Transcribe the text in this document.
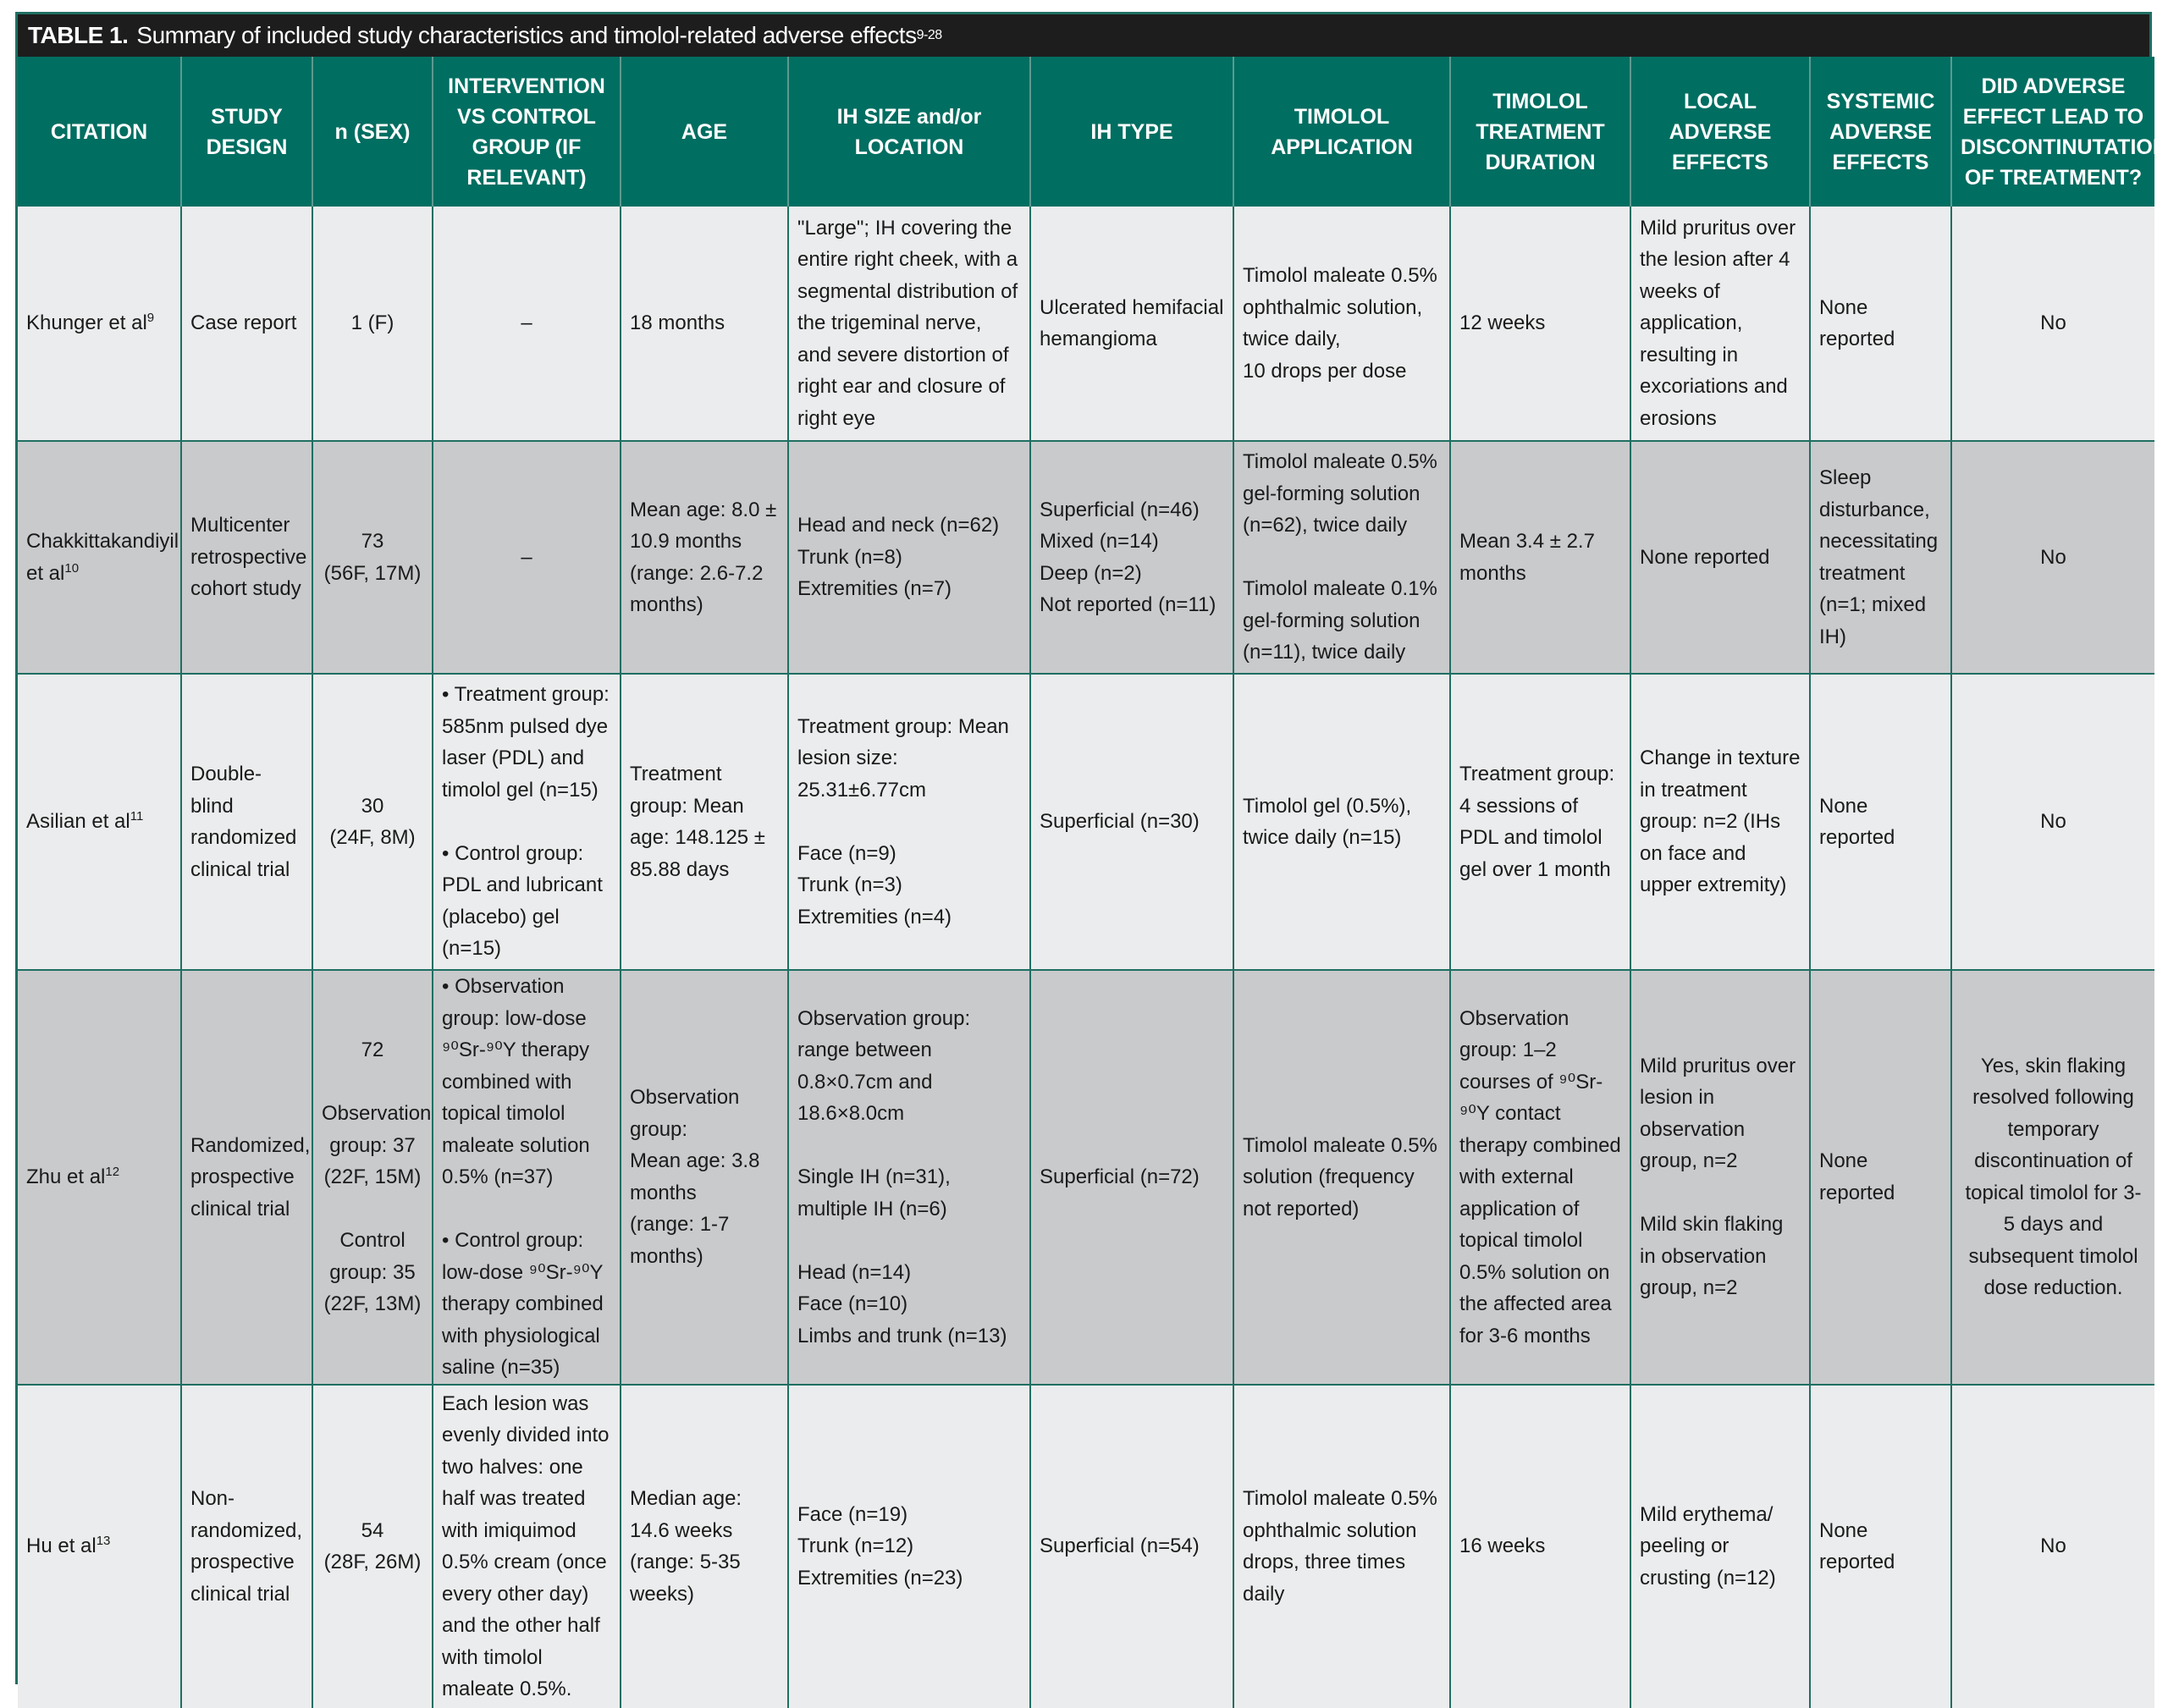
TABLE 1. Summary of included study characteristics and timolol-related adverse effects 9-28
CITATION	STUDY DESIGN	n (SEX)	INTERVENTION VS CONTROL GROUP (IF RELEVANT)	AGE	IH SIZE and/or LOCATION	IH TYPE	TIMOLOL APPLICATION	TIMOLOL TREATMENT DURATION	LOCAL ADVERSE EFFECTS	SYSTEMIC ADVERSE EFFECTS	DID ADVERSE EFFECT LEAD TO DISCONTINUTATION OF TREATMENT?
Khunger et $al^9$	Case report	1 (F)	–	18 months	"Large"; IH covering the entire right cheek, with a segmental distribution of the trigeminal nerve, and severe distortion of right ear and closure of right eye	Ulcerated hemifacial hemangioma	Timolol maleate 0.5% ophthalmic solution, twice daily,
10 drops per dose	12 weeks	Mild pruritus over the lesion after 4 weeks of application, resulting in excoriations and erosions	None reported	No
Chakkittakandiyil et $al^{10}$	Multicenter retrospective cohort study	73
(56F, 17M)	–	Mean age: 8.0 ± 10.9 months (range: 2.6-7.2 months)	Head and neck (n=62)
Trunk (n=8)
Extremities (n=7)	Superficial (n=46)
Mixed (n=14)
Deep (n=2)
Not reported (n=11)	Timolol maleate 0.5% gel-forming solution (n=62), twice daily

Timolol maleate 0.1% gel-forming solution (n=11), twice daily	Mean 3.4 ± 2.7 months	None reported	Sleep disturbance, necessitating treatment (n=1; mixed IH)	No
Asilian et $al^{11}$	Double-blind randomized clinical trial	30
(24F, 8M)	• Treatment group: 585nm pulsed dye laser (PDL) and timolol gel (n=15)

• Control group: PDL and lubricant (placebo) gel (n=15)	Treatment group: Mean age: 148.125 ± 85.88 days	Treatment group: Mean lesion size: 25.31±6.77cm

Face (n=9)
Trunk (n=3)
Extremities (n=4)	Superficial (n=30)	Timolol gel (0.5%), twice daily (n=15)	Treatment group: 4 sessions of PDL and timolol gel over 1 month	Change in texture in treatment group: n=2 (IHs on face and upper extremity)	None reported	No
Zhu et $al^{12}$	Randomized, prospective clinical trial	72

Observation group: 37
(22F, 15M)

Control group: 35
(22F, 13M)	• Observation group: low-dose ⁹⁰Sr-⁹⁰Y therapy combined with topical timolol maleate solution 0.5% (n=37)

• Control group: low-dose ⁹⁰Sr-⁹⁰Y therapy combined with physiological saline (n=35)	Observation group:
Mean age: 3.8 months
(range: 1-7 months)	Observation group: range between 0.8×0.7cm and 18.6×8.0cm

Single IH (n=31), multiple IH (n=6)

Head (n=14)
Face (n=10)
Limbs and trunk (n=13)	Superficial (n=72)	Timolol maleate 0.5% solution (frequency not reported)	Observation group: 1–2 courses of ⁹⁰Sr-⁹⁰Y contact therapy combined with external application of topical timolol 0.5% solution on the affected area for 3-6 months	Mild pruritus over lesion in observation group, n=2

Mild skin flaking in observation group, n=2	None reported	Yes, skin flaking resolved following temporary discontinuation of topical timolol for 3-5 days and subsequent timolol dose reduction.
Hu et $al^{13}$	Non-randomized, prospective clinical trial	54
(28F, 26M)	Each lesion was evenly divided into two halves: one half was treated with imiquimod 0.5% cream (once every other day) and the other half with timolol maleate 0.5%.	Median age: 14.6 weeks
(range: 5-35 weeks)	Face (n=19)
Trunk (n=12)
Extremities (n=23)	Superficial (n=54)	Timolol maleate 0.5% ophthalmic solution drops, three times daily	16 weeks	Mild erythema/ peeling or crusting (n=12)	None reported	No
